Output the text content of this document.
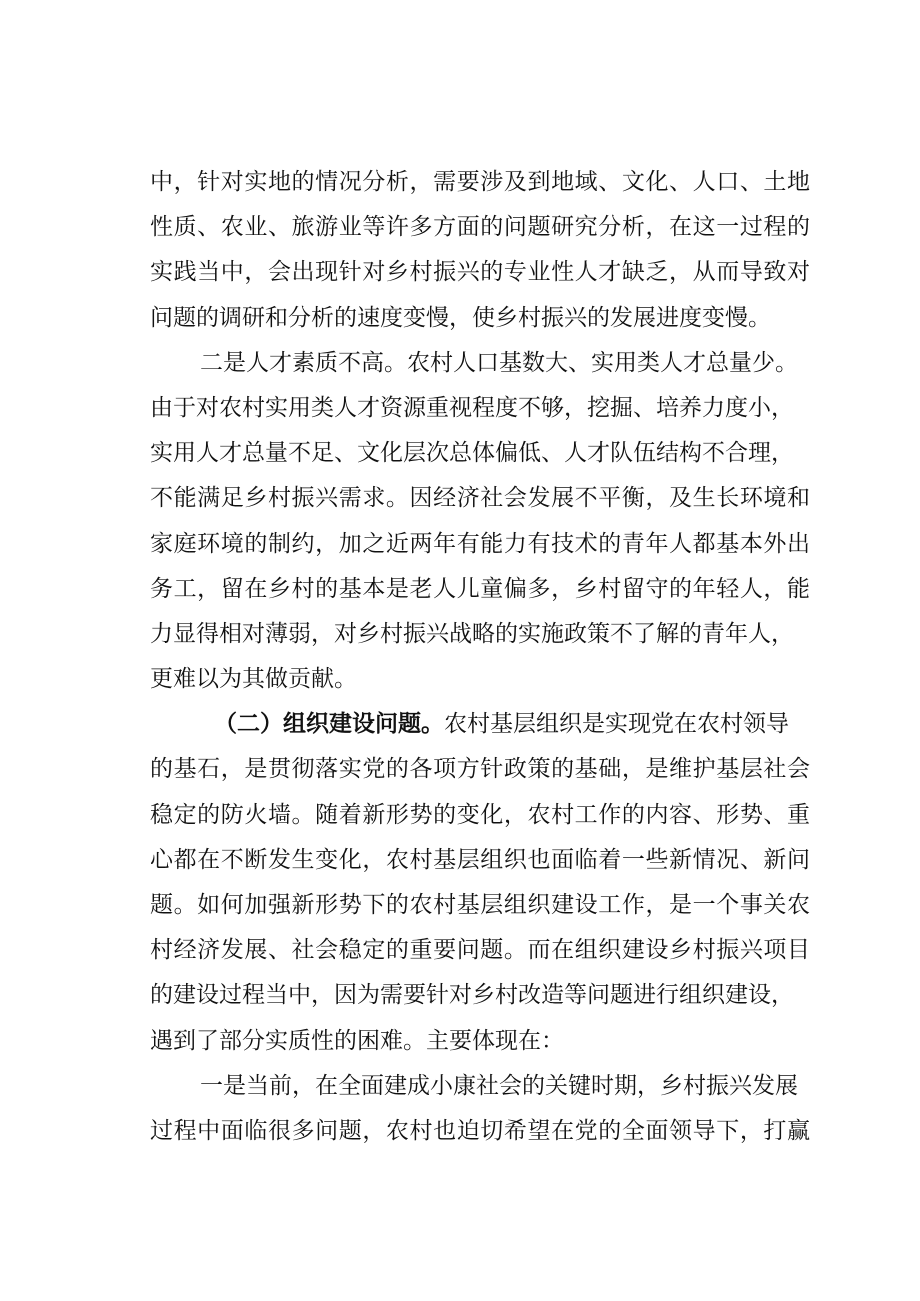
中，针对实地的情况分析，需要涉及到地域、文化、人口、土地
性质、农业、旅游业等许多方面的问题研究分析，在这一过程的
实践当中，会出现针对乡村振兴的专业性人才缺乏，从而导致对
问题的调研和分析的速度变慢，使乡村振兴的发展进度变慢。
二是人才素质不高。农村人口基数大、实用类人才总量少。
由于对农村实用类人才资源重视程度不够，挖掘、培养力度小，
实用人才总量不足、文化层次总体偏低、人才队伍结构不合理，
不能满足乡村振兴需求。因经济社会发展不平衡，及生长环境和
家庭环境的制约，加之近两年有能力有技术的青年人都基本外出
务工，留在乡村的基本是老人儿童偏多，乡村留守的年轻人，能
力显得相对薄弱，对乡村振兴战略的实施政策不了解的青年人，
更难以为其做贡献。
（二）组织建设问题。农村基层组织是实现党在农村领导
的基石，是贯彻落实党的各项方针政策的基础，是维护基层社会
稳定的防火墙。随着新形势的变化，农村工作的内容、形势、重
心都在不断发生变化，农村基层组织也面临着一些新情况、新问
题。如何加强新形势下的农村基层组织建设工作，是一个事关农
村经济发展、社会稳定的重要问题。而在组织建设乡村振兴项目
的建设过程当中，因为需要针对乡村改造等问题进行组织建设，
遇到了部分实质性的困难。主要体现在：
一是当前，在全面建成小康社会的关键时期，乡村振兴发展
过程中面临很多问题，农村也迫切希望在党的全面领导下，打赢
